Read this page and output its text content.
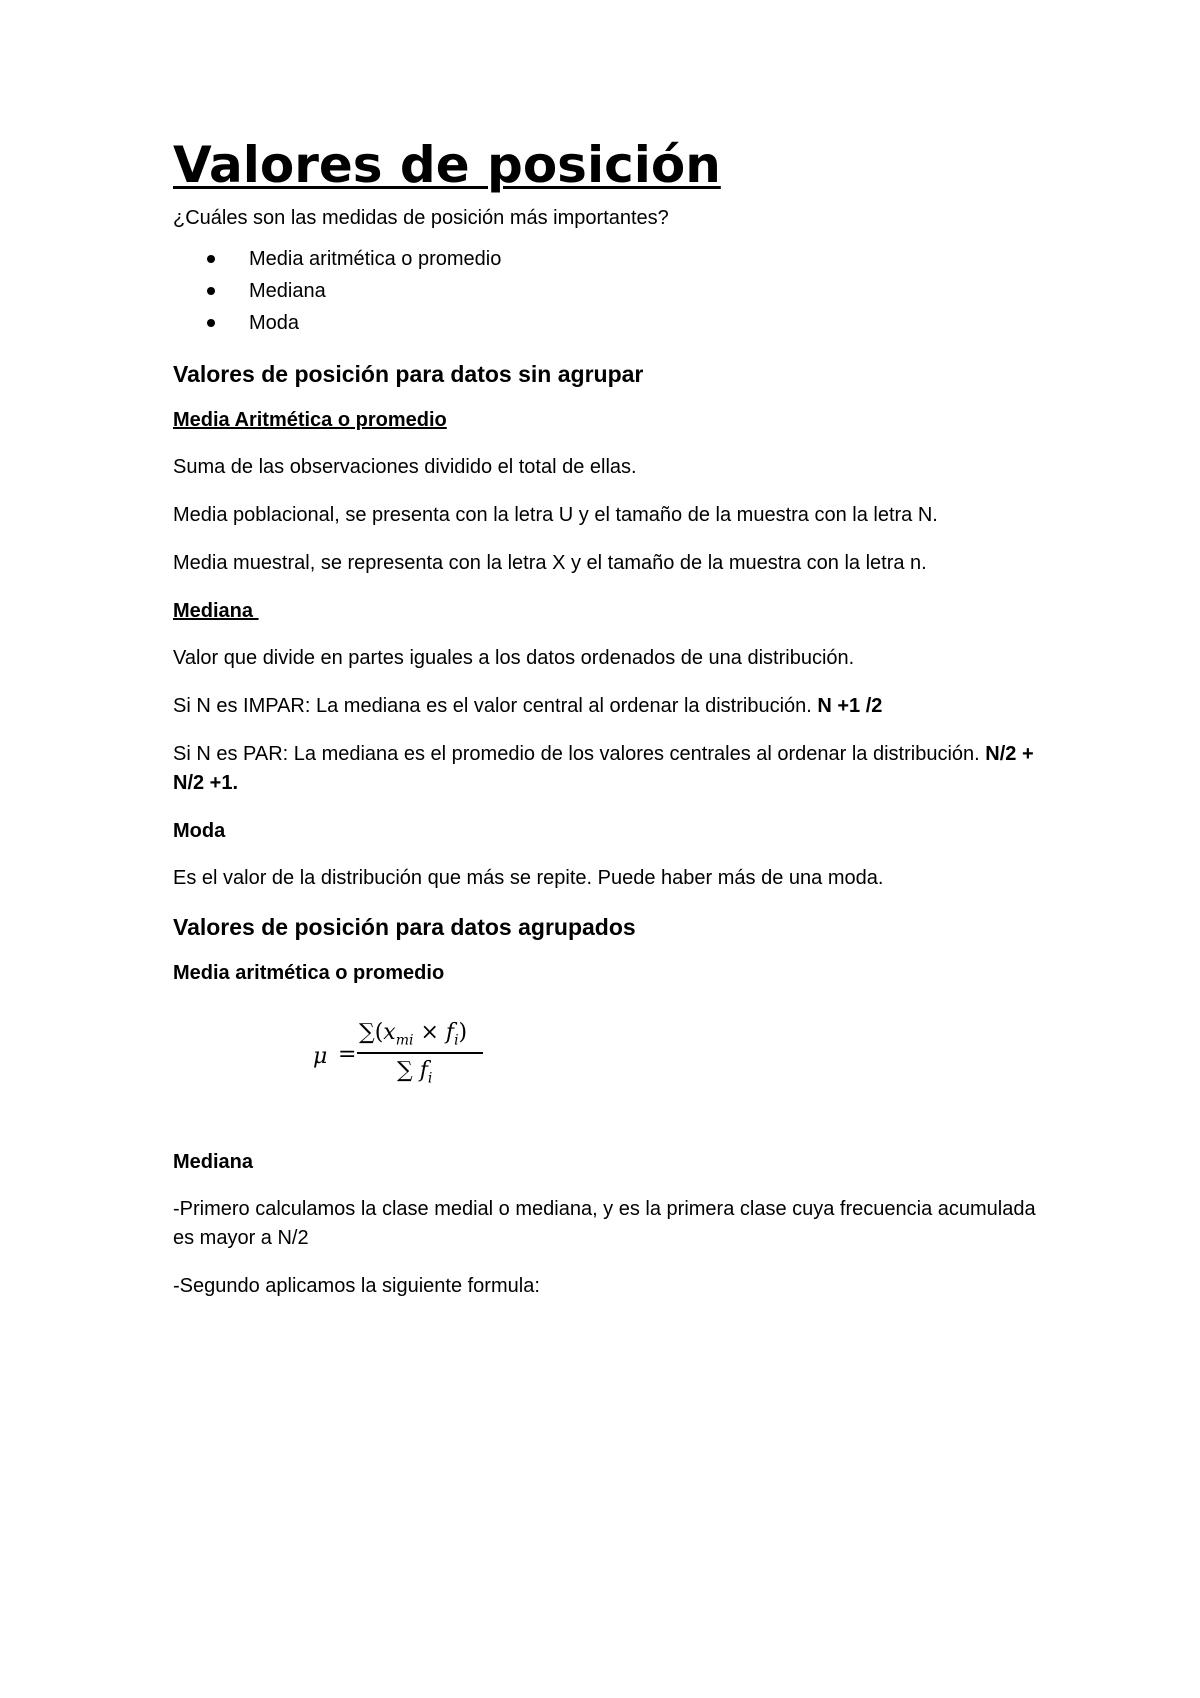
Valores de posición

¿Cuáles son las medidas de posición más importantes?

Media aritmética o promedio
Mediana
Moda
Valores de posición para datos sin agrupar
Media Aritmética o promedio

Suma de las observaciones dividido el total de ellas.

Media poblacional, se presenta con la letra U y el tamaño de la muestra con la letra N.

Media muestral, se representa con la letra X y el tamaño de la muestra con la letra n.

Mediana

Valor que divide en partes iguales a los datos ordenados de una distribución.

Si N es IMPAR: La mediana es el valor central al ordenar la distribución. N +1 /2

Si N es PAR: La mediana es el promedio de los valores centrales al ordenar la distribución. N/2 + N/2 +1.

Moda

Es el valor de la distribución que más se repite. Puede haber más de una moda.

Valores de posición para datos agrupados
Media aritmética o promedio
μ =
$\sum(x_{mi} \times f_i)$
∑ $f_i$
Mediana

-Primero calculamos la clase medial o mediana, y es la primera clase cuya frecuencia acumulada es mayor a N/2

-Segundo aplicamos la siguiente formula:
